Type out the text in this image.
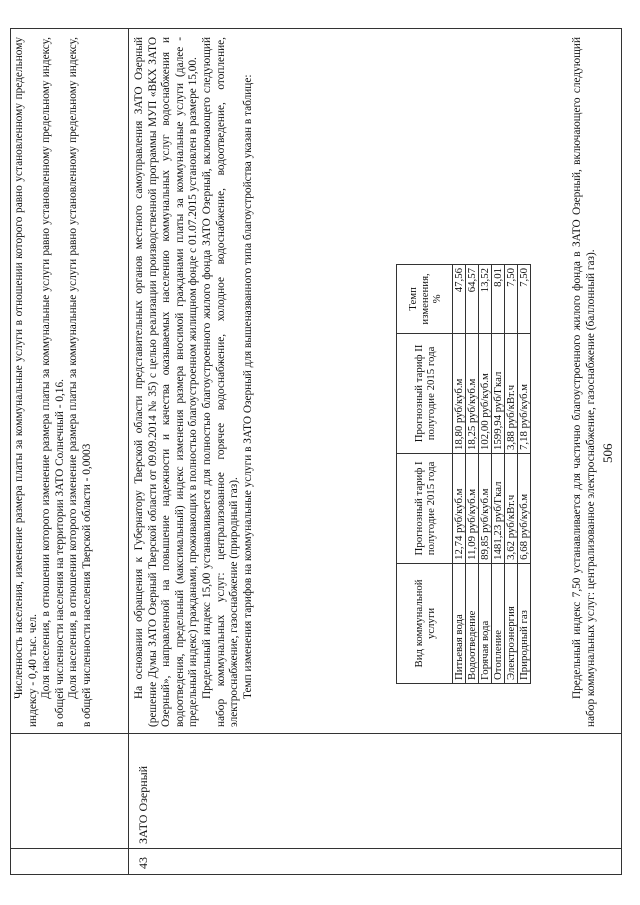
506
43
ЗАТО Озерный

Численность населения, изменение размера платы за коммунальные услуги в отношении которого равно установленному предельному индексу - 0,40 тыс. чел. Доля населения, в отношении которого изменение размера платы за коммунальные услуги равно установленному предельному индексу, в общей численности населения на территории ЗАТО Солнечный - 0,16. Доля населения, в отношении которого изменение размера платы за коммунальные услуги равно установленному предельному индексу, в общей численности населения Тверской области - 0,0003	На основании обращения к Губернатору Тверской области представительных органов местного самоуправления ЗАТО Озерный (решение Думы ЗАТО Озерный Тверской области от 09.09.2014 № 35) с целью реализации производственной программы МУП «ВКХ ЗАТО Озерный», направленной на повышение надежности и качества оказываемых населению коммунальных услуг водоснабжения и водоотведения, предельный (максимальный) индекс изменения размера вносимой гражданами платы за коммунальные услуги (далее - предельный индекс) гражданами, проживающих в полностью благоустроенном жилищном фонде с 01.07.2015 установлен в размере 15,00. Предельный индекс 15,00 устанавливается для полностью благоустроенного жилого фонда ЗАТО Озерный, включающего следующий набор коммунальных услуг: централизованное горячее водоснабжение, холодное водоснабжение, водоотведение, отопление, электроснабжение, газоснабжение (природный газ). Темп изменения тарифов на коммунальные услуги в ЗАТО Озерный для вышеназванного типа благоустройства указан в таблице:	Вид коммунальной услуги	Прогнозный тариф I полугодие 2015 года	Прогнозный тариф II полугодие 2015 года	Темп изменения, %
Питьевая вода	12,74 руб/куб.м	18,80 руб/куб.м	47,56
Водоотведение	11,09 руб/куб.м	18,25 руб/куб.м	64,57
Горячая вода	89,85 руб/куб.м	102,00 руб/куб.м	13,52
Отопление	1481,23 руб/Гкал	1599,94 руб/Гкал	8,01
Электроэнергия	3,62 руб/кВт.ч	3,88 руб/кВт.ч	7,50
Природный газ	6,68 руб/куб.м	7,18 руб/куб.м	7,50	Предельный индекс 7,50 устанавливается для частично благоустроенного жилого фонда в ЗАТО Озерный, включающего следующий набор коммунальных услуг: централизованное электроснабжение, газоснабжение (баллонный газ).
